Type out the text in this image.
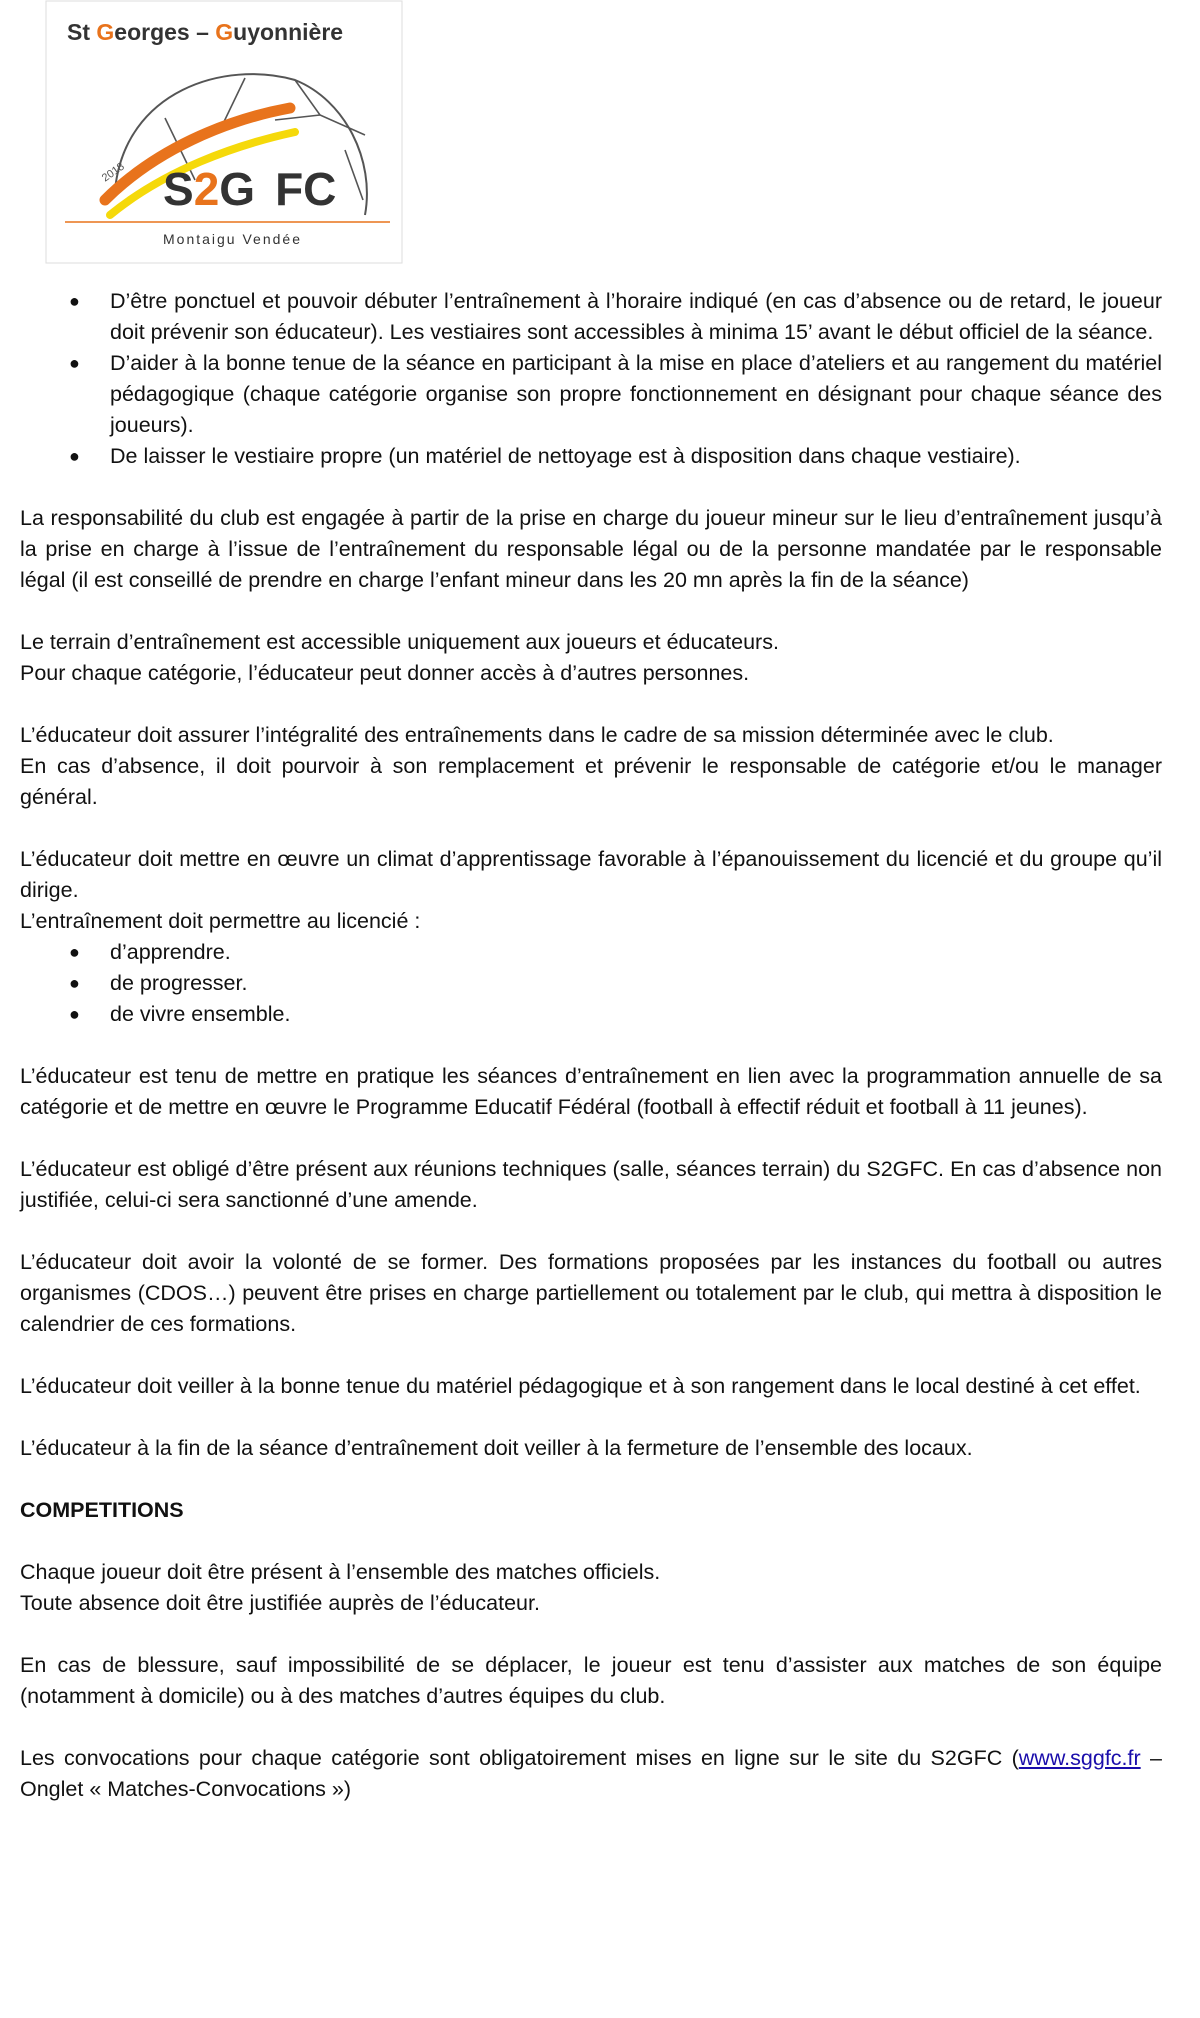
St Georges – Guyonnière
2018 S2G FC
Montaigu Vendée
● D’être ponctuel et pouvoir débuter l’entraînement à l’horaire indiqué (en cas d’absence ou de retard, le joueur doit prévenir son éducateur). Les vestiaires sont accessibles à minima 15’ avant le début officiel de la séance.
● D’aider à la bonne tenue de la séance en participant à la mise en place d’ateliers et au rangement du matériel pédagogique (chaque catégorie organise son propre fonctionnement en désignant pour chaque séance des joueurs).
● De laisser le vestiaire propre (un matériel de nettoyage est à disposition dans chaque vestiaire).

La responsabilité du club est engagée à partir de la prise en charge du joueur mineur sur le lieu d’entraînement jusqu’à la prise en charge à l’issue de l’entraînement du responsable légal ou de la personne mandatée par le responsable légal (il est conseillé de prendre en charge l’enfant mineur dans les 20 mn après la fin de la séance)

Le terrain d’entraînement est accessible uniquement aux joueurs et éducateurs.
Pour chaque catégorie, l’éducateur peut donner accès à d’autres personnes.

L’éducateur doit assurer l’intégralité des entraînements dans le cadre de sa mission déterminée avec le club.
En cas d’absence, il doit pourvoir à son remplacement et prévenir le responsable de catégorie et/ou le manager général.

L’éducateur doit mettre en œuvre un climat d’apprentissage favorable à l’épanouissement du licencié et du groupe qu’il dirige.
L’entraînement doit permettre au licencié :

● d’apprendre.
● de progresser.
● de vivre ensemble.

L’éducateur est tenu de mettre en pratique les séances d’entraînement en lien avec la programmation annuelle de sa catégorie et de mettre en œuvre le Programme Educatif Fédéral (football à effectif réduit et football à 11 jeunes).

L’éducateur est obligé d’être présent aux réunions techniques (salle, séances terrain) du S2GFC. En cas d’absence non justifiée, celui-ci sera sanctionné d’une amende.

L’éducateur doit avoir la volonté de se former. Des formations proposées par les instances du football ou autres organismes (CDOS…) peuvent être prises en charge partiellement ou totalement par le club, qui mettra à disposition le calendrier de ces formations.

L’éducateur doit veiller à la bonne tenue du matériel pédagogique et à son rangement dans le local destiné à cet effet.

L’éducateur à la fin de la séance d’entraînement doit veiller à la fermeture de l’ensemble des locaux.

COMPETITIONS

Chaque joueur doit être présent à l’ensemble des matches officiels.
Toute absence doit être justifiée auprès de l’éducateur.

En cas de blessure, sauf impossibilité de se déplacer, le joueur est tenu d’assister aux matches de son équipe (notamment à domicile) ou à des matches d’autres équipes du club.

Les convocations pour chaque catégorie sont obligatoirement mises en ligne sur le site du S2GFC (www.sggfc.fr – Onglet « Matches-Convocations »)
